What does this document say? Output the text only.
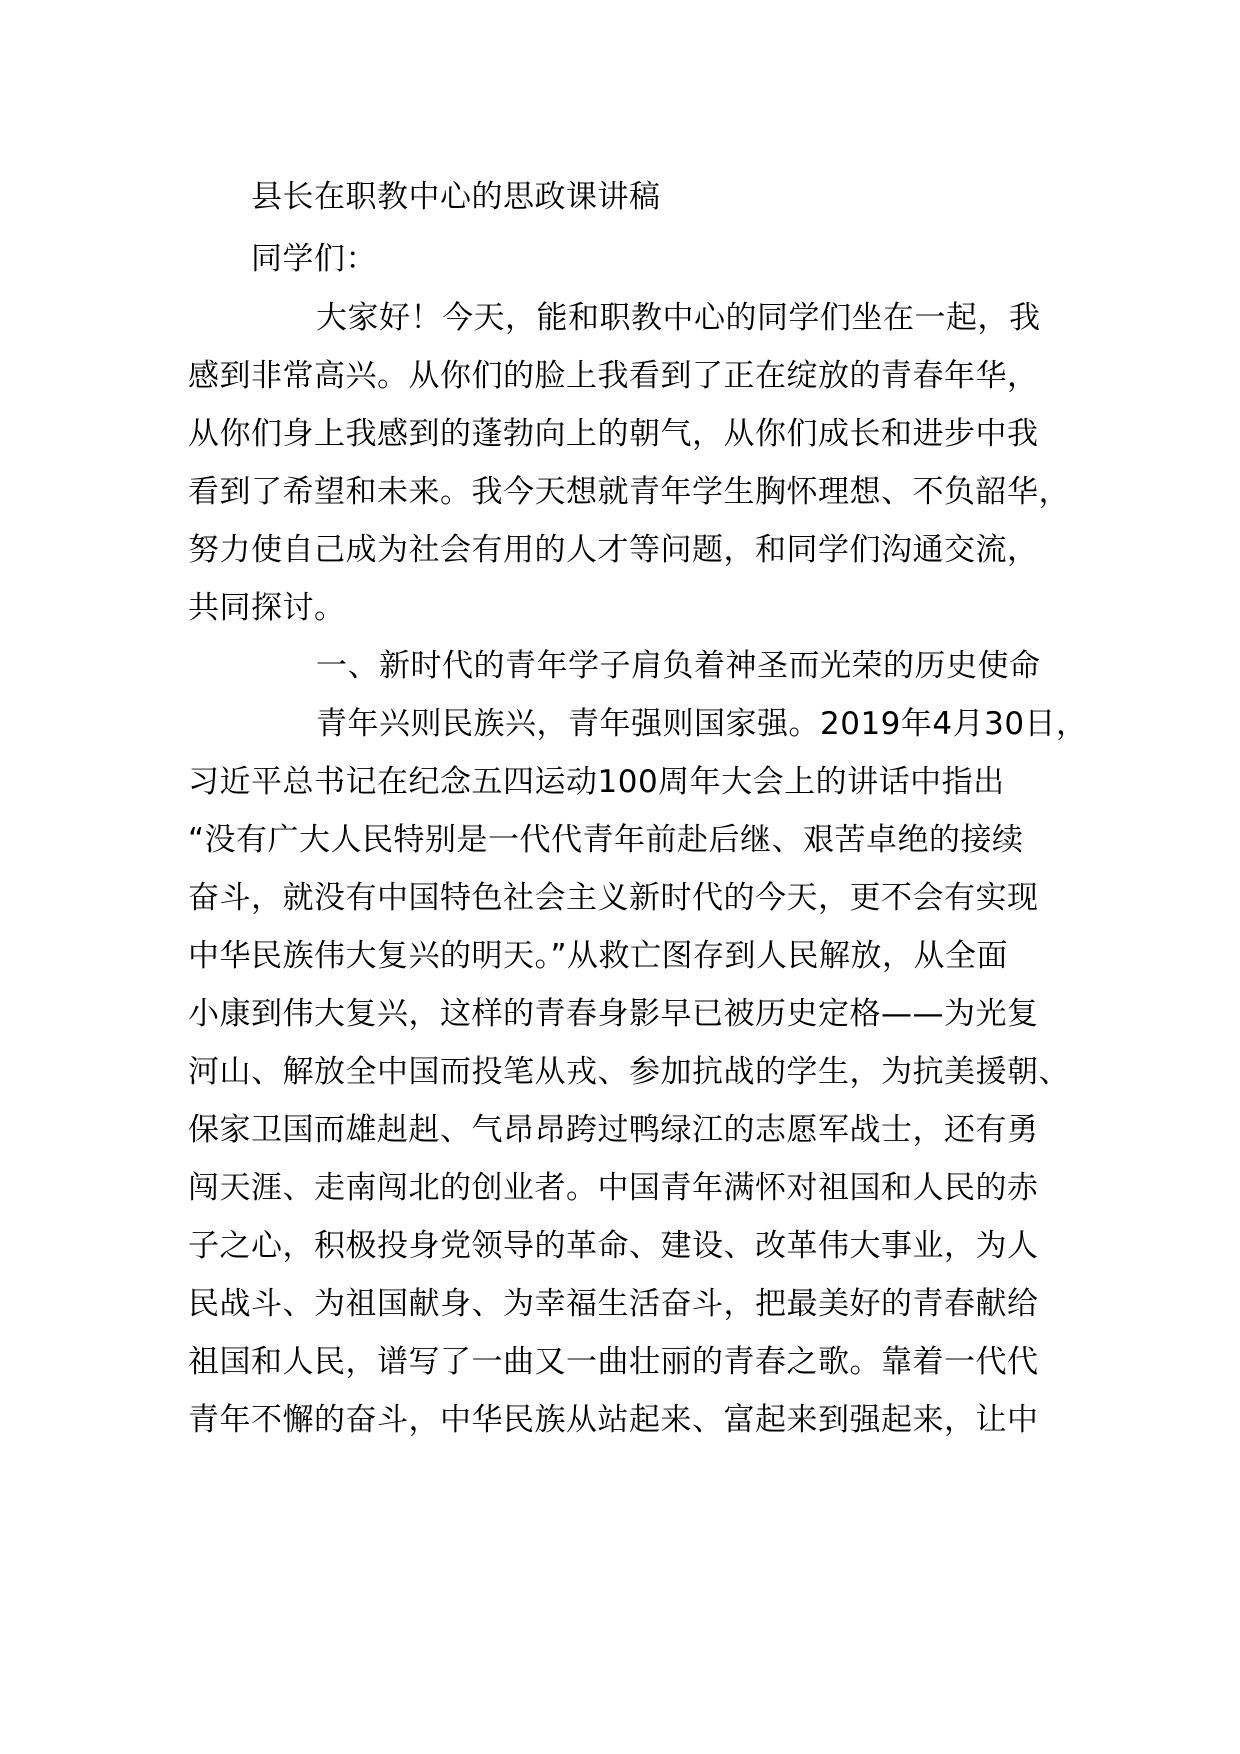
县长在职教中心的思政课讲稿
同学们：
大家好！今天，能和职教中心的同学们坐在一起，我
感到非常高兴。从你们的脸上我看到了正在绽放的青春年华，
从你们身上我感到的蓬勃向上的朝气，从你们成长和进步中我
看到了希望和未来。我今天想就青年学生胸怀理想、不负韶华，
努力使自己成为社会有用的人才等问题，和同学们沟通交流，
共同探讨。
一、新时代的青年学子肩负着神圣而光荣的历史使命
青年兴则民族兴，青年强则国家强。2019年4月30日，
习近平总书记在纪念五四运动100周年大会上的讲话中指出
“没有广大人民特别是一代代青年前赴后继、艰苦卓绝的接续
奋斗，就没有中国特色社会主义新时代的今天，更不会有实现
中华民族伟大复兴的明天。”从救亡图存到人民解放，从全面
小康到伟大复兴，这样的青春身影早已被历史定格——为光复
河山、解放全中国而投笔从戎、参加抗战的学生，为抗美援朝、
保家卫国而雄赳赳、气昂昂跨过鸭绿江的志愿军战士，还有勇
闯天涯、走南闯北的创业者。中国青年满怀对祖国和人民的赤
子之心，积极投身党领导的革命、建设、改革伟大事业，为人
民战斗、为祖国献身、为幸福生活奋斗，把最美好的青春献给
祖国和人民，谱写了一曲又一曲壮丽的青春之歌。靠着一代代
青年不懈的奋斗，中华民族从站起来、富起来到强起来，让中
